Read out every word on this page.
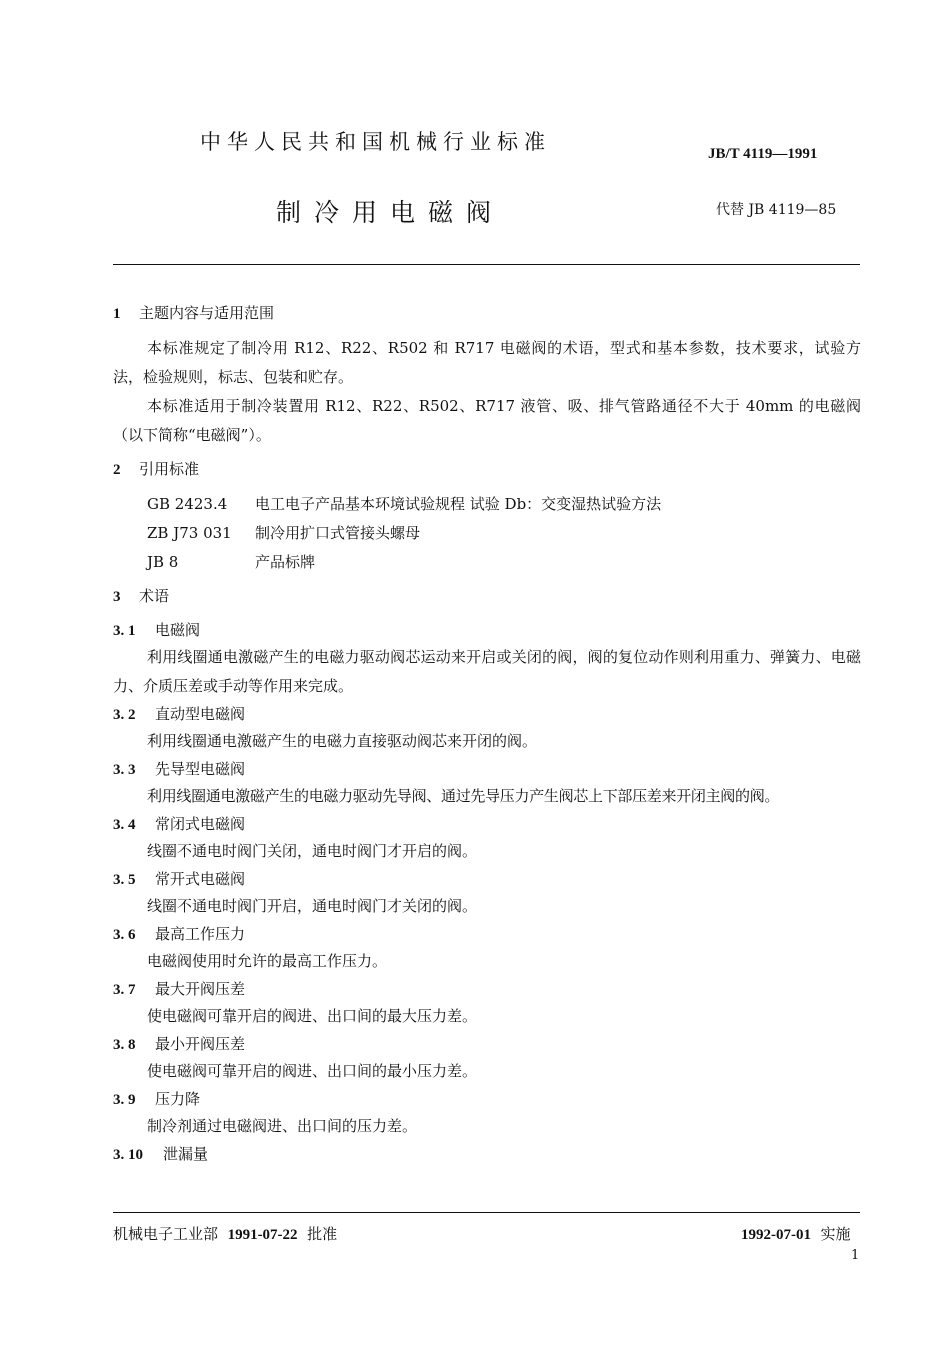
中华人民共和国机械行业标准	JB/T 4119—1991
制冷用电磁阀	代替 JB 4119—85
1 主题内容与适用范围

本标准规定了制冷用 R12、R22、R502 和 R717 电磁阀的术语，型式和基本参数，技术要求，试验方法，检验规则，标志、包装和贮存。

本标准适用于制冷装置用 R12、R22、R502、R717 液管、吸、排气管路通径不大于 40mm 的电磁阀（以下简称“电磁阀”）。

2 引用标准
GB 2423.4 电工电子产品基本环境试验规程 试验 Db：交变湿热试验方法
ZB J73 031 制冷用扩口式管接头螺母
JB 8	产品标牌
3 术语
3. 1 电磁阀

利用线圈通电激磁产生的电磁力驱动阀芯运动来开启或关闭的阀，阀的复位动作则利用重力、弹簧力、电磁力、介质压差或手动等作用来完成。

3. 2 直动型电磁阀

利用线圈通电激磁产生的电磁力直接驱动阀芯来开闭的阀。

3. 3 先导型电磁阀

利用线圈通电激磁产生的电磁力驱动先导阀、通过先导压力产生阀芯上下部压差来开闭主阀的阀。

3. 4 常闭式电磁阀

线圈不通电时阀门关闭，通电时阀门才开启的阀。

3. 5 常开式电磁阀

线圈不通电时阀门开启，通电时阀门才关闭的阀。

3. 6 最高工作压力

电磁阀使用时允许的最高工作压力。

3. 7 最大开阀压差

使电磁阀可靠开启的阀进、出口间的最大压力差。

3. 8 最小开阀压差

使电磁阀可靠开启的阀进、出口间的最小压力差。

3. 9 压力降

制冷剂通过电磁阀进、出口间的压力差。

3. 10 泄漏量
机械电子工业部 1991-07-22 批准	1992-07-01 实施
1
